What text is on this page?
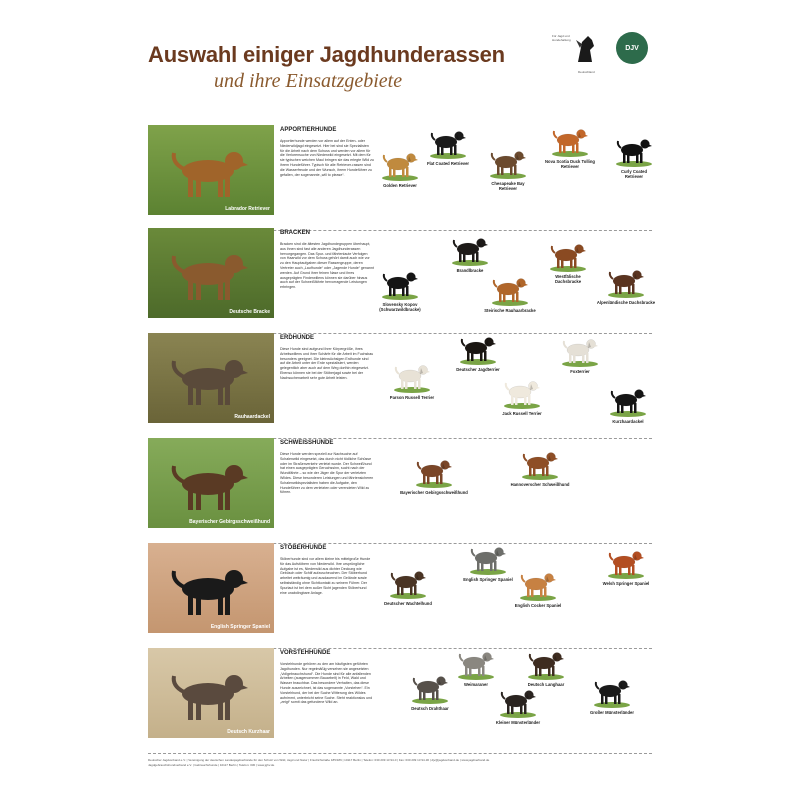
Auswahl einiger Jagdhunderassen
und ihre Einsatzgebiete
Für Jagd und Hundehaltung
Deutschland
DJV
Labrador Retriever
APPORTIERHUNDE
Apportierhunde werden vor allem auf der Enten- oder Niederwildjagd eingesetzt. Hier bei sind sie Spezialisten für die Arbeit nach dem Schuss und werden vor allem für die Verlorensuche von Niederwild eingesetzt. Mit dem für sie typischen weichen Maul bringen sie das erlegte Wild zu ihrem Hundeführer. Typisch für alle Retriever-rassen sind die Wasserfreude und der Wunsch, ihrem Hundeführer zu gefallen, der sogenannte „will to please“.
Golden Retriever
Flat Coated Retriever
Chesapeake Bay
Retriever
Nova Scotia Duck Tolling
Retriever
Curly Coated
Retriever
Deutsche Bracke
BRACKEN
Bracken sind die ältesten Jagdhundegruppen überhaupt, aus ihnen sind fast alle anderen Jagdhunderassen hervorgegangen. Das Spur- und fährtenlaute Verfolgen von Haarwild vor dem Schuss gehört damit auch wie vor zu den Hauptaufgaben dieser Rassengruppe, deren Vertreter auch „Laufhunde“ oder „Jagende Hunde“ genannt werden. Auf Grund ihrer feinen Nase und ihres ausgeprägten Finderwillens können sie darüber hinaus auch auf der Schweißfährte hervorragende Leistungen erbringen.
Slovensky Kopov
(Schwarzwildbracke)
Brandlbracke
Steirische Rauhaarbracke
Westfälische
Dachsbracke
Alpenländische Dachsbracke
Rauhaardackel
ERDHUNDE
Diese Hunde sind aufgrund ihrer Körpergröße, ihres Arbeitswillens und ihrer Schärfe für die Arbeit im Fuchsbau besonders geeignet. Die kleinwüchsigen Erdhunde sind auf die Arbeit unter der Erde spezialisiert, werden gelegentlich aber auch auf dem Weg dorthin eingesetzt. Ebenso können sie bei der Stöberjagd sowie bei der Nachsuchenarbeit sehr gute Arbeit leisten.
Parson Russell Terrier
Deutscher Jagdterrier
Jack Russell Terrier
Foxterrier
Kurzhaardackel
Bayerischer Gebirgsschweißhund
SCHWEISSHUNDE
Diese Hunde werden speziell zur Nachsuche auf Schalenwild eingesetzt, das durch nicht tödliche Schüsse oder im Straßenverkehr verletzt wurde. Der Schweißhund hat einen ausgeprägten Geruchssinn, sucht nach der Wundfährte – so wie der Jäger die Spur der verletzten Wildes. Diese besonderen Leistungen und fährtensicheren Schalenwildspezialisten haben die Aufgabe, den Hundeführer zu dem verletzten oder verendeten Wild zu führen.	Bayerischer Gebirgsschweißhund
Hannoverscher Schweißhund
English Springer Spaniel
STÖBERHUNDE
Stöberhunde sind vor allem kleine bis mittelgroße Hunde für das Aufstöbern von Niederwild. Ihre ursprüngliche Aufgabe ist es, Niederwild aus dichter Deckung wie Gebüsch oder Schilf aufzuscheuchen. Der Stöberhund arbeitet weiträumig und ausdauernd im Gelände sowie selbstständig ohne Sichtkontakt zu seinem Führer. Der Spurlaut ist bei dem außer Sicht jagenden Stöberhund eine unabdingbare Anlage.
Deutscher Wachtelhund
English Springer Spaniel
English Cocker Spaniel
Welsh Springer Spaniel
Deutsch Kurzhaar
VORSTEHHUNDE
Vorstehhunde gehören zu den am häufigsten geführten Jagdhunden. Nur regelmäßig versehen sie angesetzten „Vollgebrauchshund“. Die Hunde sind für alle anfallenden Arbeiten (ausgenommen Bauarbeit) in Feld, Wald und Wasser brauchbar. Das besondere Verhalten, das diese Hunde auszeichnet, ist das sogenannte „Vorstehen“. Ein Vorstehhund, der bei der Suche Witterung des Wildes aufnimmt, unterbricht seine Suche. Steht reaktionslos und „zeigt“ somit das gefundene Wild an.
Deutsch Drahthaar
Weimaraner
Kleiner Münsterländer
Deutsch Langhaar
Großer Münsterländer

Deutscher Jagdverband e.V. | Vereinigung der deutschen Landesjagdverbände für den Schutz von Wild, Jagd und Natur | Friedrichstraße 185/186 | 10117 Berlin | Telefon: 030 209 13 94-0 | Fax: 030 209 13 94-30 | djv@jagdverband.de | www.jagdverband.de

Jagdgebrauchshundverband e.V. | Gebrauchshunde | 10117 Berlin | Telefon: 030 | www.jghv.de
